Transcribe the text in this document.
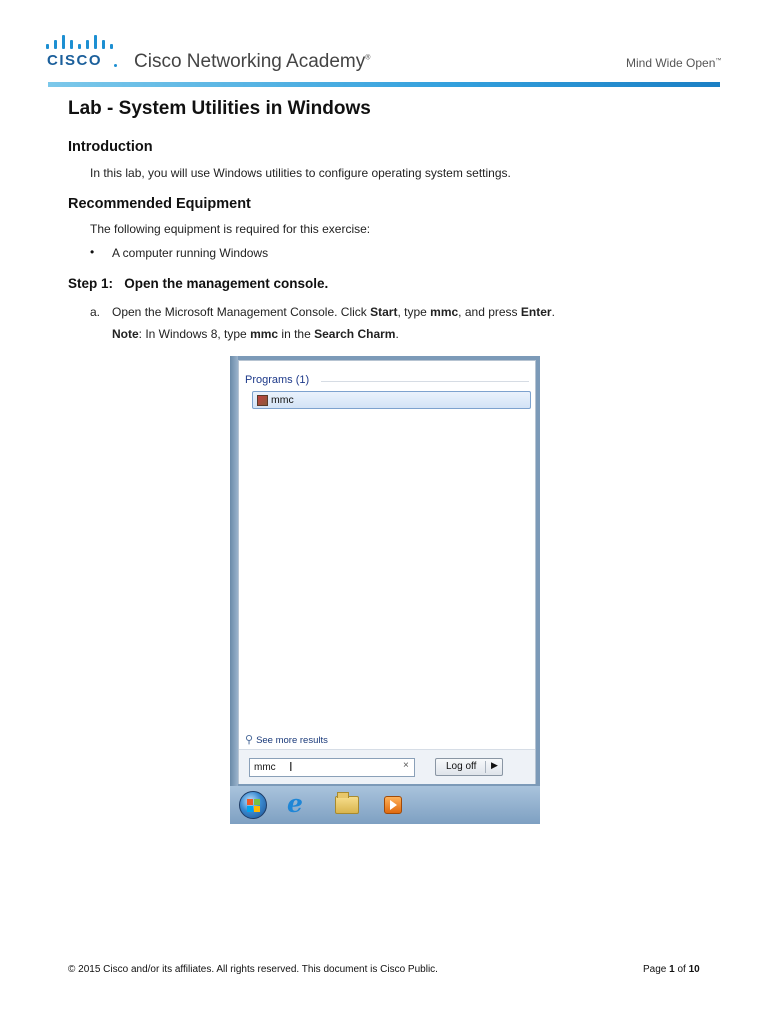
CISCO Cisco Networking Academy®	Mind Wide Open™
Lab - System Utilities in Windows
Introduction

In this lab, you will use Windows utilities to configure operating system settings.

Recommended Equipment

The following equipment is required for this exercise:

• A computer running Windows

Step 1:   Open the management console.

a. Open the Microsoft Management Console. Click Start, type mmc, and press Enter.

Note: In Windows 8, type mmc in the Search Charm.

Programs (1)
mmc
⚲ See more results
mmc
Ι	×	Log off ▶
e
© 2015 Cisco and/or its affiliates. All rights reserved. This document is Cisco Public.	Page 1 of 10
